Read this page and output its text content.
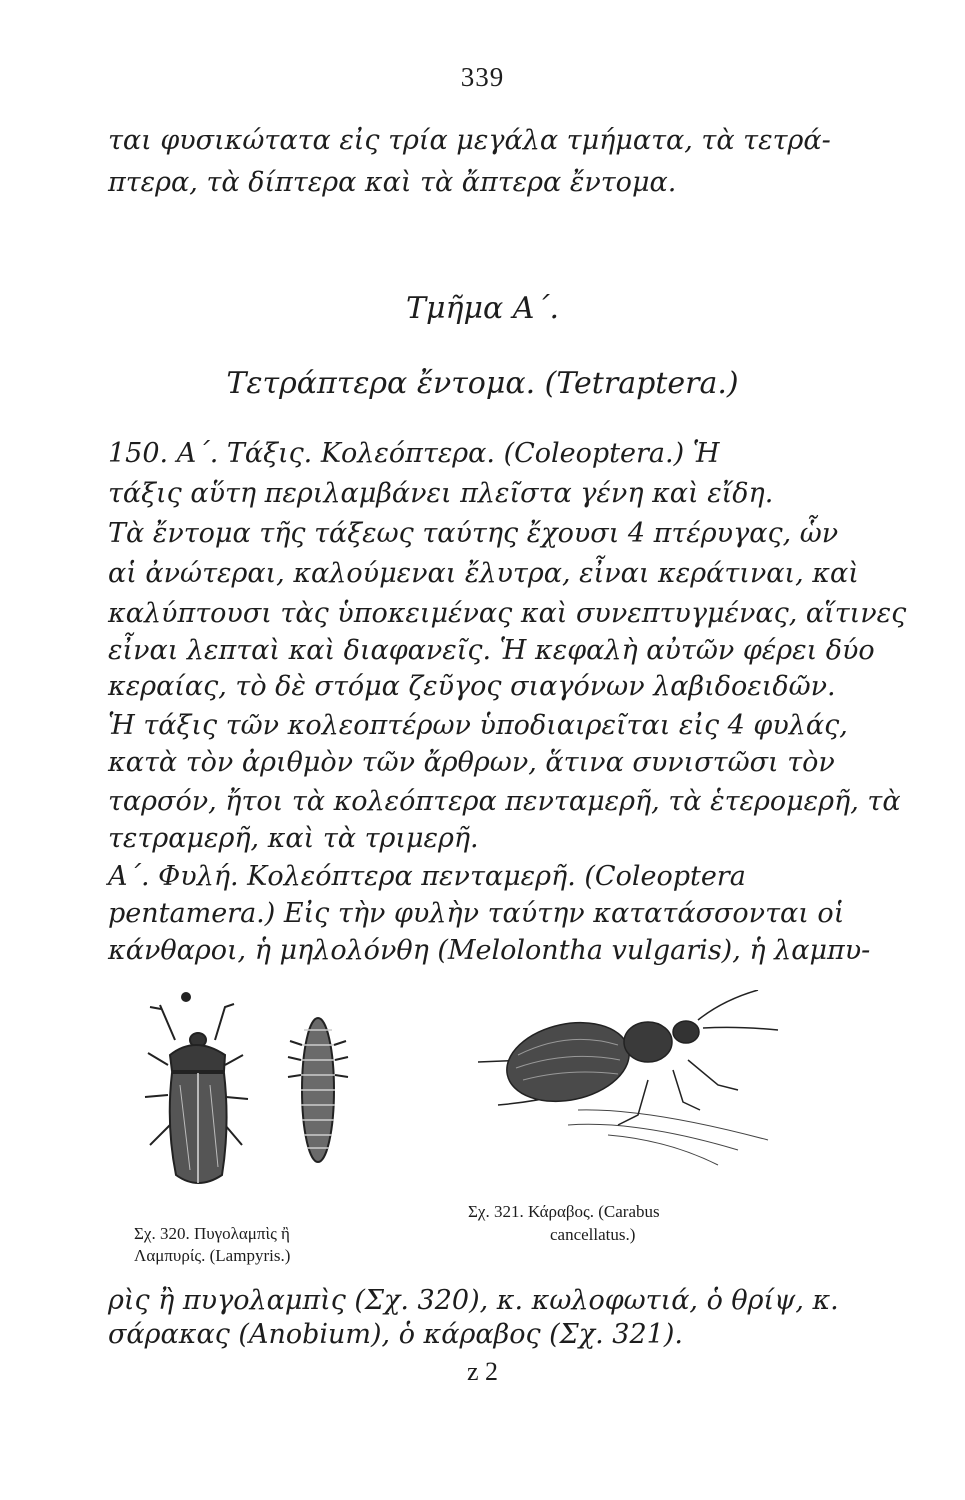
339
ται φυσικώτατα εἰς τρία μεγάλα τμήματα, τὰ τετρά-
πτερα, τὰ δίπτερα καὶ τὰ ἄπτερα ἔντομα.
Τμῆμα Α΄.
Τετράπτερα ἔντομα. (Tetraptera.)
150. Α΄. Τάξις. Κολεόπτερα. (Coleoptera.) Ἡ
τάξις αὕτη περιλαμβάνει πλεῖστα γένη καὶ εἴδη.
Τὰ ἔντομα τῆς τάξεως ταύτης ἔχουσι 4 πτέρυγας, ὧν
αἱ ἀνώτεραι, καλούμεναι ἔλυτρα, εἶναι κεράτιναι, καὶ
καλύπτουσι τὰς ὑποκειμένας καὶ συνεπτυγμένας, αἵτινες
εἶναι λεπταὶ καὶ διαφανεῖς. Ἡ κεφαλὴ αὐτῶν φέρει δύο
κεραίας, τὸ δὲ στόμα ζεῦγος σιαγόνων λαβιδοειδῶν.
Ἡ τάξις τῶν κολεοπτέρων ὑποδιαιρεῖται εἰς 4 φυλάς,
κατὰ τὸν ἀριθμὸν τῶν ἄρθρων, ἅτινα συνιστῶσι τὸν
ταρσόν, ἤτοι τὰ κολεόπτερα πενταμερῆ, τὰ ἑτερομερῆ, τὰ
τετραμερῆ, καὶ τὰ τριμερῆ.
Α΄. Φυλή. Κολεόπτερα πενταμερῆ. (Coleoptera
pentamera.) Εἰς τὴν φυλὴν ταύτην κατατάσσονται οἱ
κάνθαροι, ἡ μηλολόνθη (Melolontha vulgaris), ἡ λαμπυ-
Σχ. 320. Πυγολαμπὶς ἢ
Λαμπυρίς. (Lampyris.)
Σχ. 321. Κάραβος. (Carabus
cancellatus.)
ρὶς ἢ πυγολαμπὶς (Σχ. 320), κ. κωλοφωτιά, ὁ θρίψ, κ.
σάρακας (Anobium), ὁ κάραβος (Σχ. 321).
z 2
